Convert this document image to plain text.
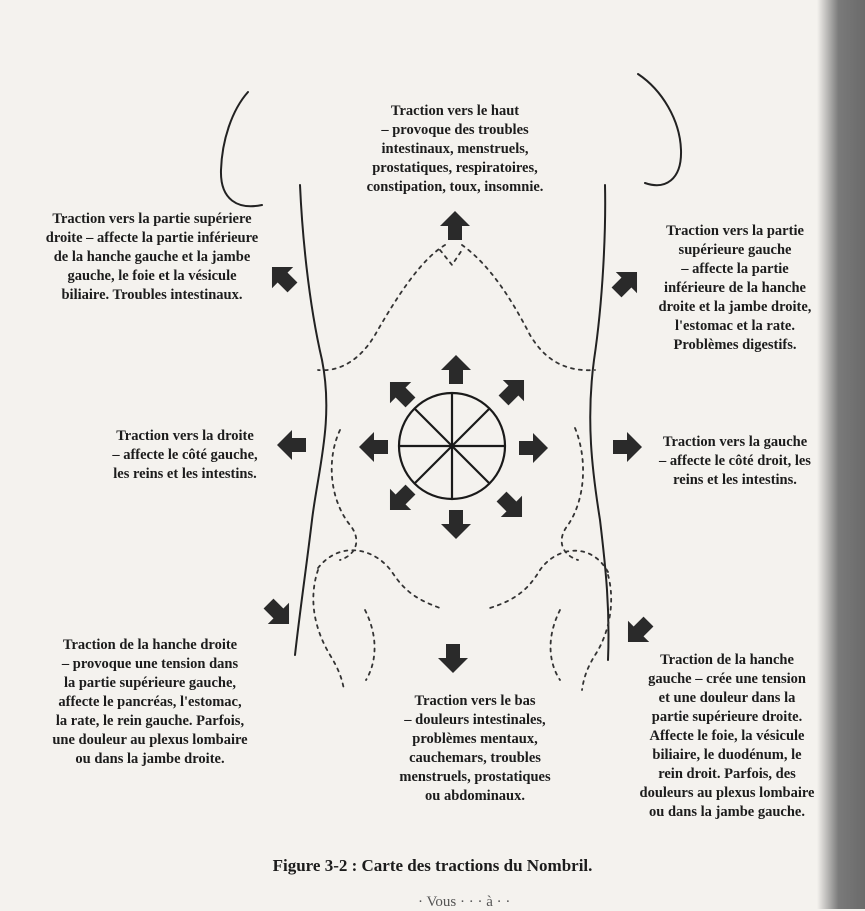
Traction vers le haut
– provoque des troubles
intestinaux, menstruels,
prostatiques, respiratoires,
constipation, toux, insomnie.
Traction vers la partie supériere
droite – affecte la partie inférieure
de la hanche gauche et la jambe
gauche, le foie et la vésicule
biliaire. Troubles intestinaux.
Traction vers la partie
supérieure gauche
– affecte la partie
inférieure de la hanche
droite et la jambe droite,
l'estomac et la rate.
Problèmes digestifs.
Traction vers la droite
– affecte le côté gauche,
les reins et les intestins.
Traction vers la gauche
– affecte le côté droit, les
reins et les intestins.
Traction de la hanche droite
– provoque une tension dans
la partie supérieure gauche,
affecte le pancréas, l'estomac,
la rate, le rein gauche. Parfois,
une douleur au plexus lombaire
ou dans la jambe droite.
Traction vers le bas
– douleurs intestinales,
problèmes mentaux,
cauchemars, troubles
menstruels, prostatiques
ou abdominaux.
Traction de la hanche
gauche – crée une tension
et une douleur dans la
partie supérieure droite.
Affecte le foie, la vésicule
biliaire, le duodénum, le
rein droit. Parfois, des
douleurs au plexus lombaire
ou dans la jambe gauche.

Figure 3-2 : Carte des tractions du Nombril.

· Vous · · · à · ·
